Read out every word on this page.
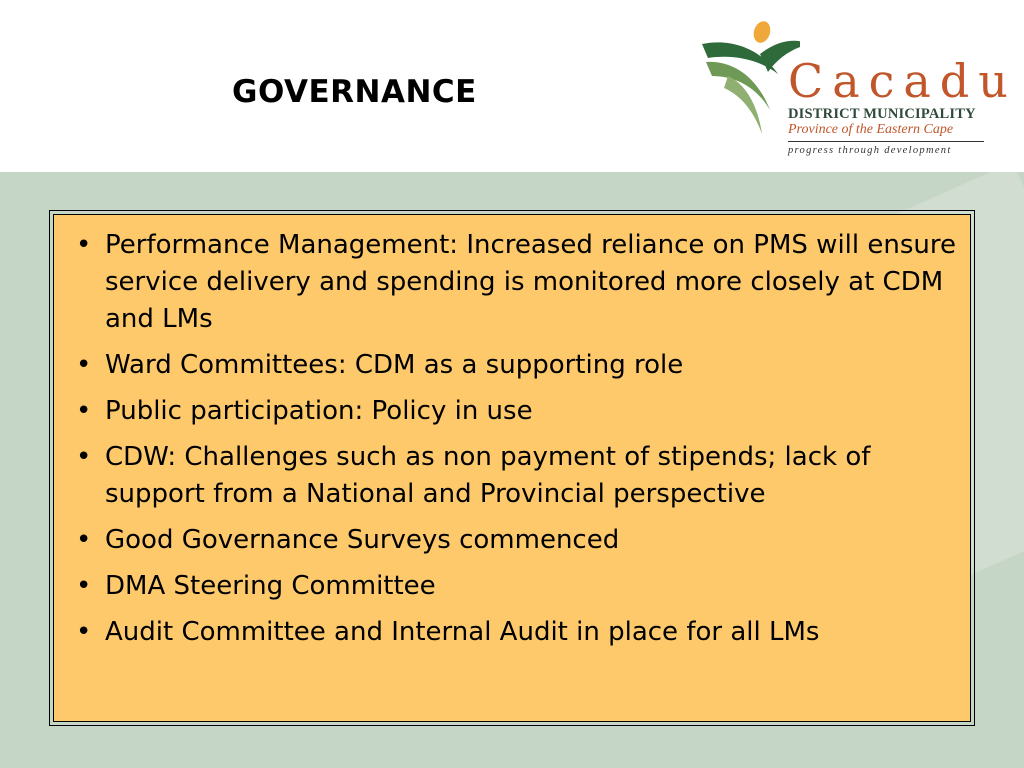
GOVERNANCE	Cacadu
DISTRICT MUNICIPALITY
Province of the Eastern Cape
progress through development
• Performance Management: Increased reliance on PMS will ensure service delivery and spending is monitored more closely at CDM and LMs
• Ward Committees: CDM as a supporting role
• Public participation: Policy in use
• CDW: Challenges such as non payment of stipends; lack of support from a National and Provincial perspective
• Good Governance Surveys commenced
• DMA Steering Committee
• Audit Committee and Internal Audit in place for all LMs
